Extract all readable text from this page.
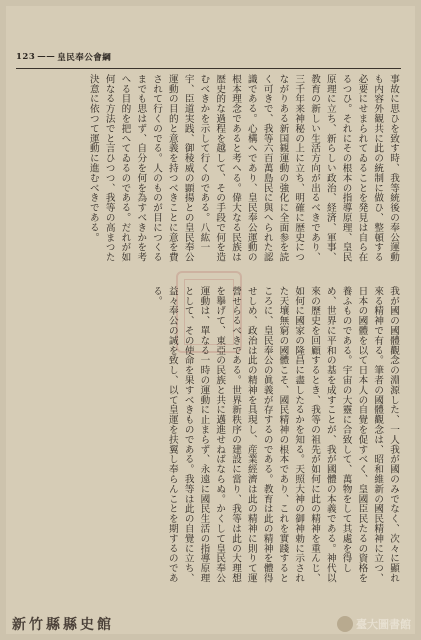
123 —— 皇民奉公會綱

事故に思ひを致す時、我等統後の奉公運動も内容外観共に此の統制に做ひ、整頓する必要にせまられてゐることを発見は自ら在るつひ。それにその根本の指導原理、皇民原理に立ち、新らしい政治、経済、軍事、教育の新しい生活方向が出るべきであり、三千年来神秘の上に立ち、明確に歴史につながりある新国観運動の強化に全面参を読く可きで、我等六百萬島民に與へられた認識である。心構へであり、皇民奉公運動の根本理念であると考へる。偉大なる民族は歴史的な過程を越して、その手段で何を造むべきかを示して行くのである。八紘一宇、臣道実践、御稜威の顕揚との皇民奉公運動の目的と意義を持つべきことに意を費されて行くのでる。人のものが目につくるまでも思はず、自分を何を為すべきかを考へる目的を把へてゐるのである。だれが如何なる方法でと言ひつつ、我等の高まつた決意に依つて運動に進むべきである。

我が國の國體觀念の淵源した、一人我が國のみでなく、次々に顯れ來る精神で有る。筆者の國體觀念は、昭和維新の國民精神に立つ、日本の國體を以て日本人の自覺を促すべく、皇國臣民たるの資格を養ふものである。宇宙の大靈に合致して、萬物をして其處を得しめ、世界に平和の基を成すことが、我が國體の本義である。神代以來の歷史を回顧するとき、我等の祖先が如何に此の精神を重んじ、如何に國家の隆昌に盡したるかを知る。天照大神の御神勅に示された天壤無窮の國體こそ、國民精神の根本であり、これを實踐するところに、皇民奉公の眞義が存するのである。教育は此の精神を體得せしめ、政治は此の精神を具現し、産業經濟は此の精神に則りて運營せらるべきである。世界新秩序の建設に當り、我等は此の大理想を擧げて、東亞の民族と共に邁進せねばならぬ。かくして皇民奉公運動は、單なる一時の運動に止まらず、永遠に國民生活の指導原理として、その使命を果すべきものである。我等は此の自覺に立ち、益々奉公の誠を致し、以て皇運を扶翼し奉らんことを期するのである。

新竹縣縣史館	臺大圖書館
